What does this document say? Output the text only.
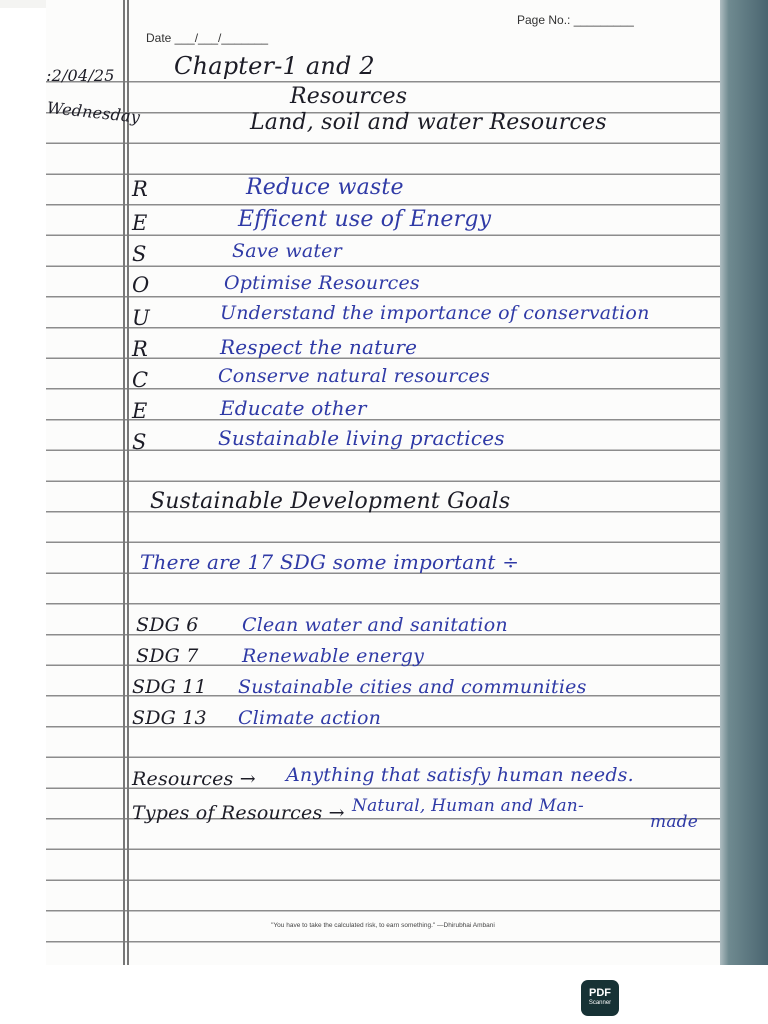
Date ___/___/_______
Page No.: _________
:2/04/25
Wednesday
Chapter-1 and 2
Resources
Land, soil and water Resources
R	Reduce waste
E	Efficent use of Energy
S	Save water
O	Optimise Resources
U	Understand the importance of conservation
R	Respect the nature
C	Conserve natural resources
E	Educate other
S	Sustainable living practices
Sustainable Development Goals
There are 17 SDG some important ÷
SDG 6 Clean water and sanitation
SDG 7 Renewable energy
SDG 11 Sustainable cities and communities
SDG 13 Climate action
Resources → Anything that satisfy human needs.
Types of Resources → Natural, Human and Man-
made
"You have to take the calculated risk, to earn something." —Dhirubhai Ambani
PDF
Scanner
